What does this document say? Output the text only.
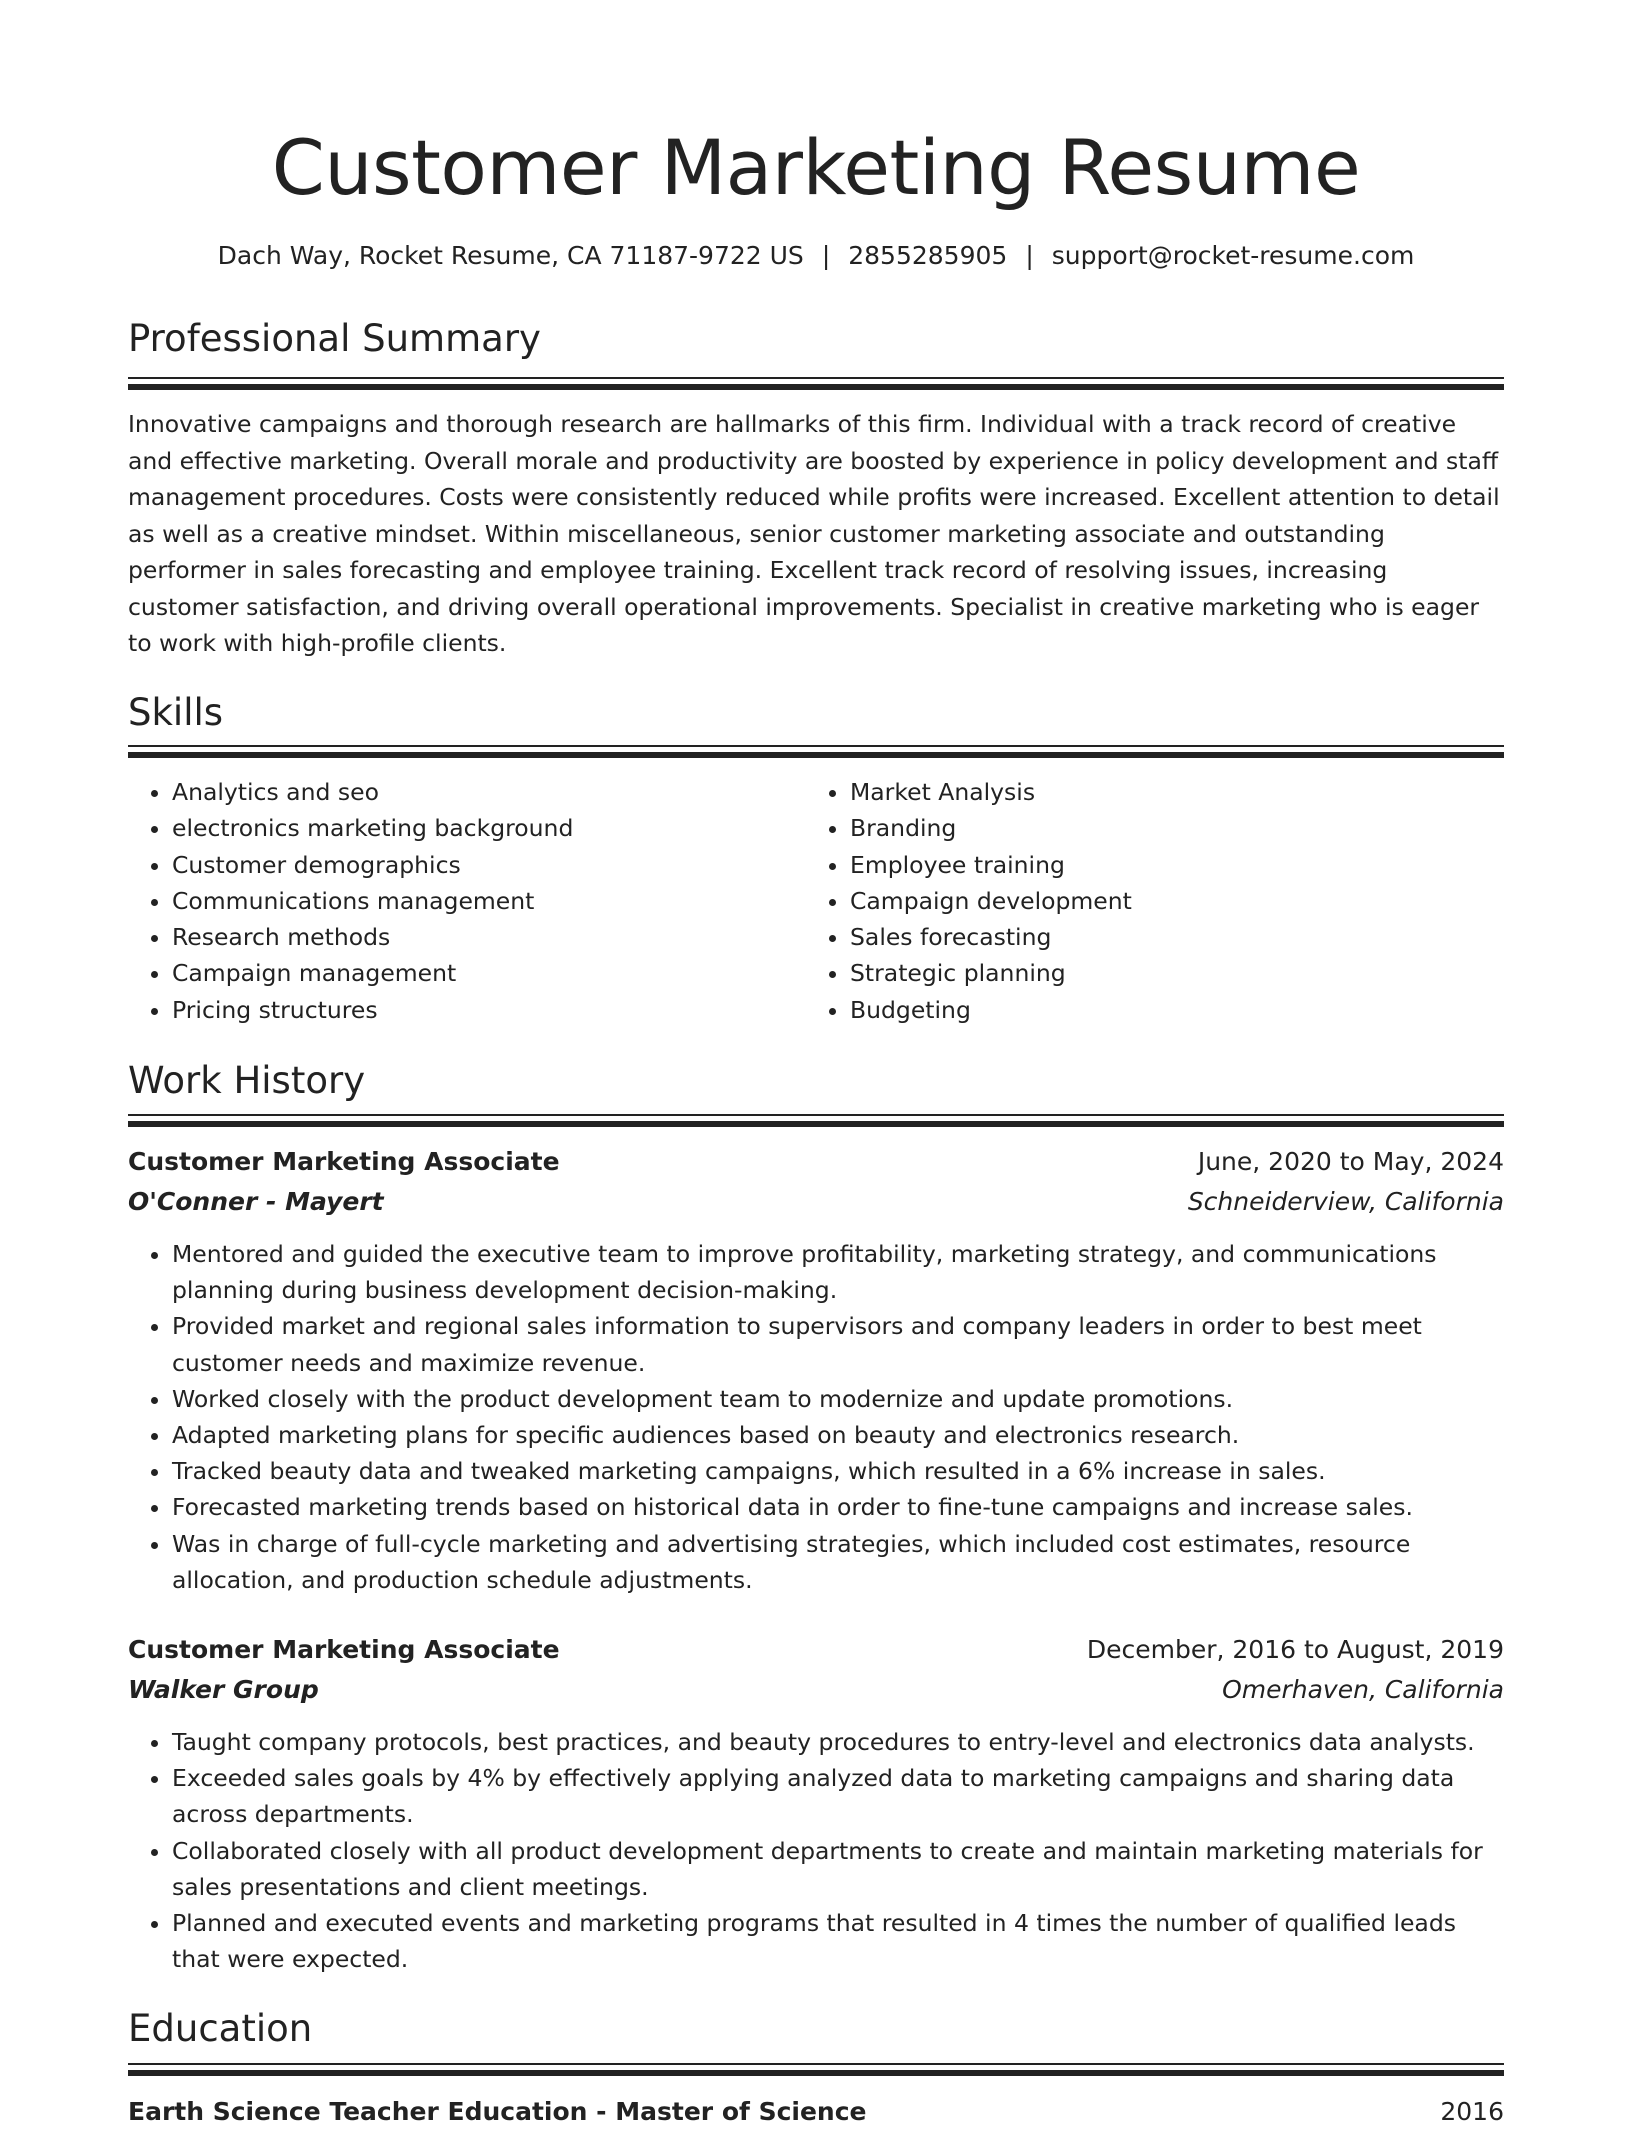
Customer Marketing Resume
Dach Way, Rocket Resume, CA 71187-9722 US | 2855285905 | support@rocket-resume.com
Professional Summary

Innovative campaigns and thorough research are hallmarks of this firm. Individual with a track record of creative and effective marketing. Overall morale and productivity are boosted by experience in policy development and staff management procedures. Costs were consistently reduced while profits were increased. Excellent attention to detail as well as a creative mindset. Within miscellaneous, senior customer marketing associate and outstanding performer in sales forecasting and employee training. Excellent track record of resolving issues, increasing customer satisfaction, and driving overall operational improvements. Specialist in creative marketing who is eager to work with high-profile clients.

Skills
• Analytics and seo
• electronics marketing background
• Customer demographics
• Communications management
• Research methods
• Campaign management
• Pricing structures
• Market Analysis
• Branding
• Employee training
• Campaign development
• Sales forecasting
• Strategic planning
• Budgeting
Work History
Customer Marketing Associate	June, 2020 to May, 2024
O'Conner - Mayert	Schneiderview, California
• Mentored and guided the executive team to improve profitability, marketing strategy, and communications planning during business development decision-making.
• Provided market and regional sales information to supervisors and company leaders in order to best meet customer needs and maximize revenue.
• Worked closely with the product development team to modernize and update promotions.
• Adapted marketing plans for specific audiences based on beauty and electronics research.
• Tracked beauty data and tweaked marketing campaigns, which resulted in a 6% increase in sales.
• Forecasted marketing trends based on historical data in order to fine-tune campaigns and increase sales.
• Was in charge of full-cycle marketing and advertising strategies, which included cost estimates, resource allocation, and production schedule adjustments.
Customer Marketing Associate	December, 2016 to August, 2019
Walker Group	Omerhaven, California
• Taught company protocols, best practices, and beauty procedures to entry-level and electronics data analysts.
• Exceeded sales goals by 4% by effectively applying analyzed data to marketing campaigns and sharing data across departments.
• Collaborated closely with all product development departments to create and maintain marketing materials for sales presentations and client meetings.
• Planned and executed events and marketing programs that resulted in 4 times the number of qualified leads that were expected.
Education
Earth Science Teacher Education - Master of Science	2016
